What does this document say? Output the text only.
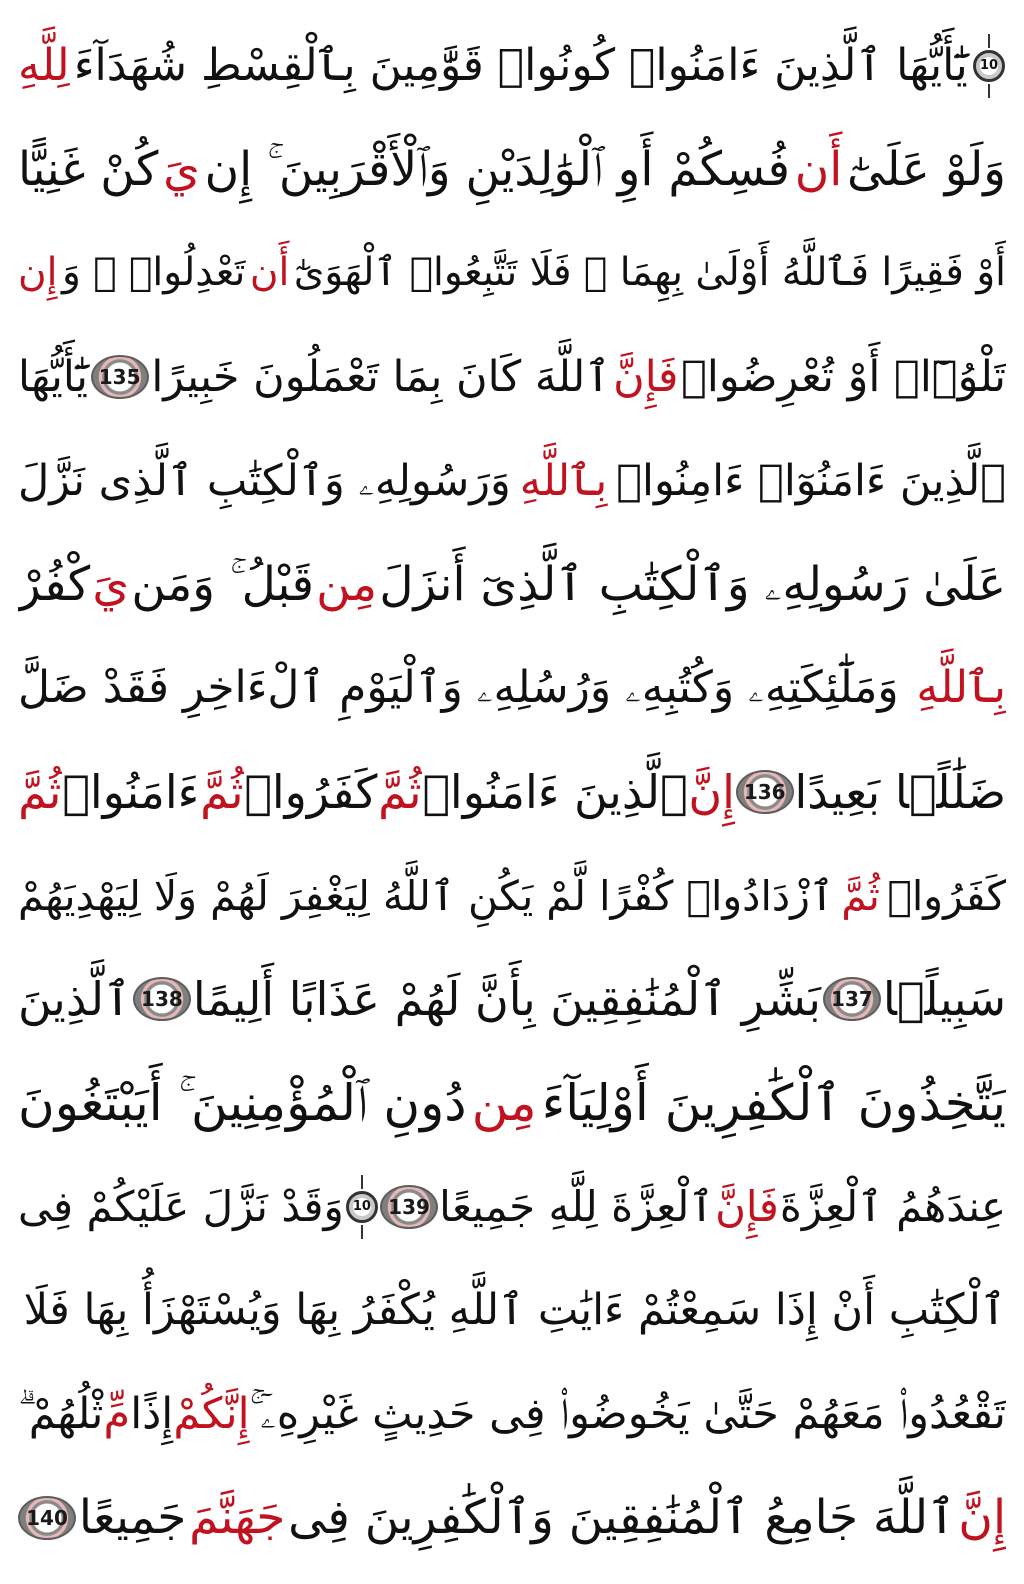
10
يَٰٓأَيُّهَا ٱلَّذِينَ ءَامَنُوا۟ كُونُوا۟ قَوَّٰمِينَ بِٱلْقِسْطِ شُهَدَآءَ
لِلَّهِ
وَلَوْ عَلَىٰٓ
أَن
فُسِكُمْ أَوِ ٱلْوَٰلِدَيْنِ وَٱلْأَقْرَبِينَ ۚ إِن
يَ
كُنْ غَنِيًّا
أَوْ فَقِيرًا فَٱللَّهُ أَوْلَىٰ بِهِمَا ۖ فَلَا تَتَّبِعُوا۟ ٱلْهَوَىٰٓ
أَن
تَعْدِلُوا۟ ۚ وَ
إِن
تَلْوُۥٓا۟ أَوْ تُعْرِضُوا۟
فَإِنَّ
ٱللَّهَ كَانَ بِمَا تَعْمَلُونَ خَبِيرًا
135
يَٰٓأَيُّهَا
ٱلَّذِينَ ءَامَنُوٓا۟ ءَامِنُوا۟
بِٱللَّهِ
وَرَسُولِهِۦ وَٱلْكِتَٰبِ ٱلَّذِى نَزَّلَ
عَلَىٰ رَسُولِهِۦ وَٱلْكِتَٰبِ ٱلَّذِىٓ أَنزَلَ
مِن
قَبْلُ ۚ وَمَن
يَ
كْفُرْ
بِٱللَّهِ
وَمَلَٰٓئِكَتِهِۦ وَكُتُبِهِۦ وَرُسُلِهِۦ وَٱلْيَوْمِ ٱلْءَاخِرِ فَقَدْ ضَلَّ
ضَلَٰلًۢا بَعِيدًا
136
إِنَّ
ٱلَّذِينَ ءَامَنُوا۟
ثُمَّ
كَفَرُوا۟
ثُمَّ
ءَامَنُوا۟
ثُمَّ
كَفَرُوا۟
ثُمَّ
ٱزْدَادُوا۟ كُفْرًا لَّمْ يَكُنِ ٱللَّهُ لِيَغْفِرَ لَهُمْ وَلَا لِيَهْدِيَهُمْ
سَبِيلًۢا
137
بَشِّرِ ٱلْمُنَٰفِقِينَ بِأَنَّ لَهُمْ عَذَابًا أَلِيمًا
138
ٱلَّذِينَ
يَتَّخِذُونَ ٱلْكَٰفِرِينَ أَوْلِيَآءَ
مِن
دُونِ ٱلْمُؤْمِنِينَ ۚ أَيَبْتَغُونَ
عِندَهُمُ ٱلْعِزَّةَ
فَإِنَّ
ٱلْعِزَّةَ لِلَّهِ جَمِيعًا
139
10
وَقَدْ نَزَّلَ عَلَيْكُمْ فِى
ٱلْكِتَٰبِ أَنْ إِذَا سَمِعْتُمْ ءَايَٰتِ ٱللَّهِ يُكْفَرُ بِهَا وَيُسْتَهْزَأُ بِهَا فَلَا
تَقْعُدُوا۟ مَعَهُمْ حَتَّىٰ يَخُوضُوا۟ فِى حَدِيثٍ غَيْرِهِۦٓ ۚ
إِنَّكُمْ
إِذًا
مِّ
ثْلُهُمْ ۗ
إِنَّ
ٱللَّهَ جَامِعُ ٱلْمُنَٰفِقِينَ وَٱلْكَٰفِرِينَ فِى
جَهَنَّمَ
جَمِيعًا
140
